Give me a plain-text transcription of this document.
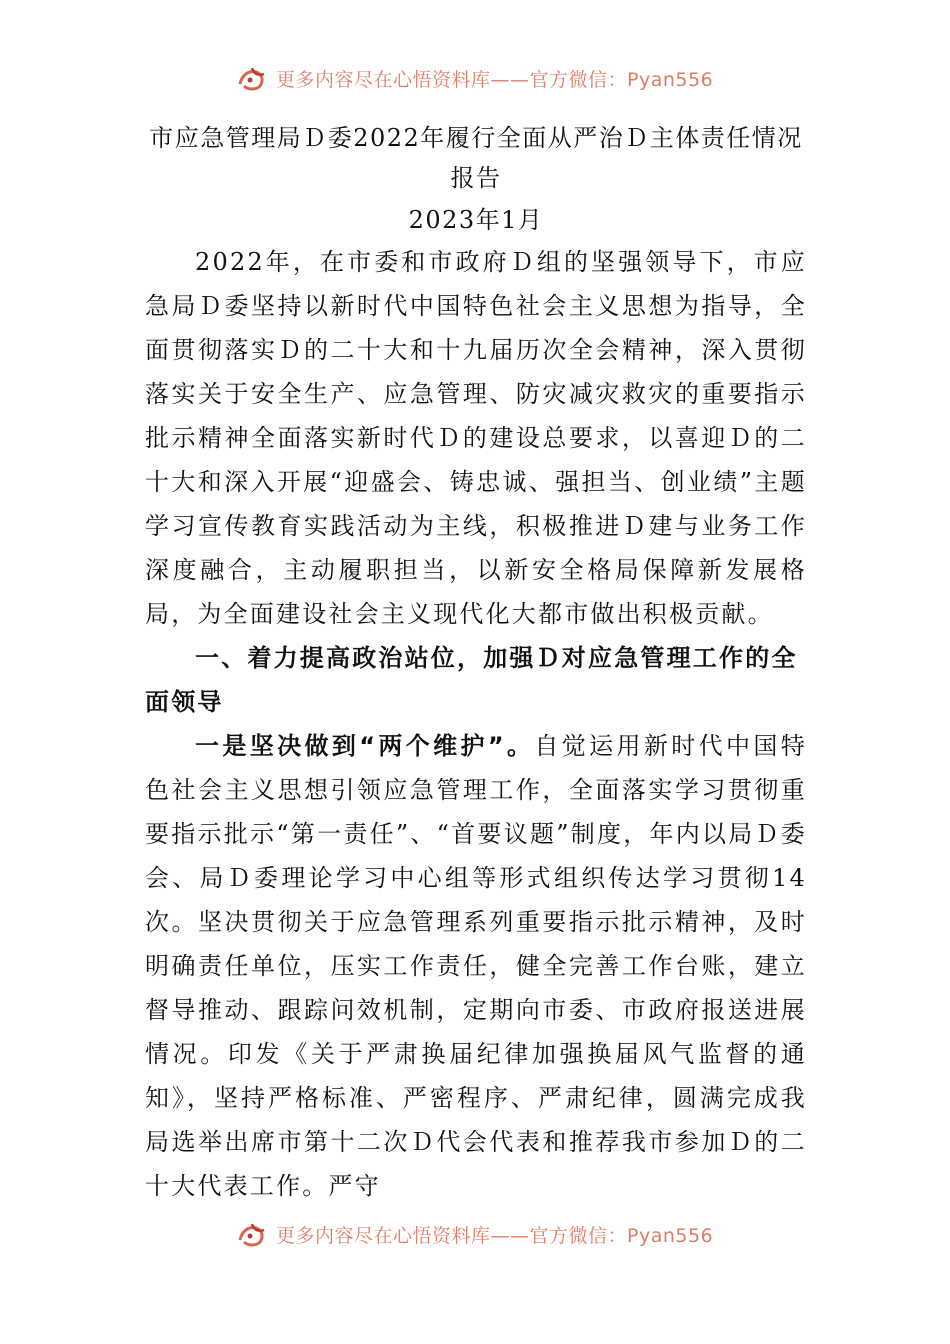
更多内容尽在心悟资料库——官方微信：Pyan556
市应急管理局Ｄ委2022年履行全面从严治Ｄ主体责任情况
报告
2023年1月

2022年，在市委和市政府Ｄ组的坚强领导下，市应急局Ｄ委坚持以新时代中国特色社会主义思想为指导，全面贯彻落实Ｄ的二十大和十九届历次全会精神，深入贯彻落实关于安全生产、应急管理、防灾减灾救灾的重要指示批示精神全面落实新时代Ｄ的建设总要求，以喜迎Ｄ的二十大和深入开展“迎盛会、铸忠诚、强担当、创业绩”主题学习宣传教育实践活动为主线，积极推进Ｄ建与业务工作深度融合，主动履职担当，以新安全格局保障新发展格局，为全面建设社会主义现代化大都市做出积极贡献。

一、着力提高政治站位，加强Ｄ对应急管理工作的全面领导

一是坚决做到“两个维护”。自觉运用新时代中国特色社会主义思想引领应急管理工作，全面落实学习贯彻重要指示批示“第一责任”、“首要议题”制度，年内以局Ｄ委会、局Ｄ委理论学习中心组等形式组织传达学习贯彻14次。坚决贯彻关于应急管理系列重要指示批示精神，及时明确责任单位，压实工作责任，健全完善工作台账，建立督导推动、跟踪问效机制，定期向市委、市政府报送进展情况。印发《关于严肃换届纪律加强换届风气监督的通知》，坚持严格标准、严密程序、严肃纪律，圆满完成我局选举出席市第十二次Ｄ代会代表和推荐我市参加Ｄ的二十大代表工作。严守

更多内容尽在心悟资料库——官方微信：Pyan556
